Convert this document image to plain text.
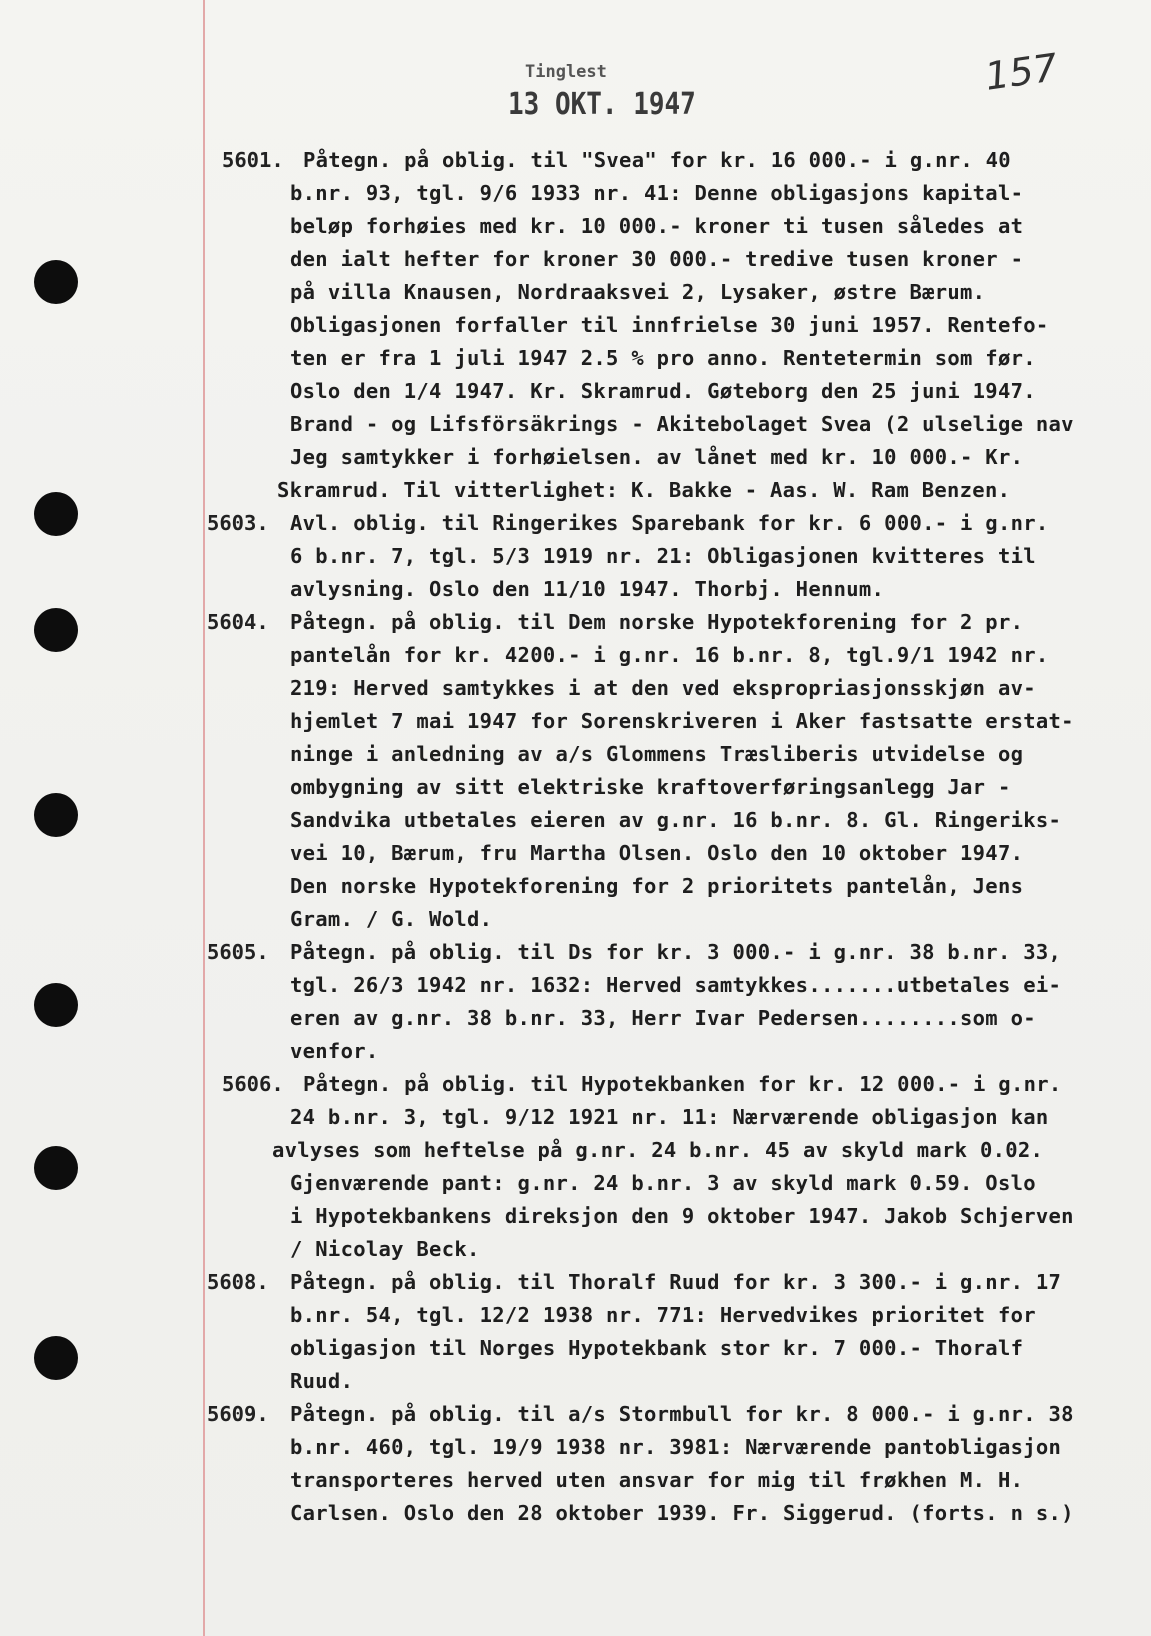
Tinglest
13 OKT. 1947
157
5601. Påtegn. på oblig. til "Svea" for kr. 16 000.- i g.nr. 40
b.nr. 93, tgl. 9/6 1933 nr. 41: Denne obligasjons kapital-
beløp forhøies med kr. 10 000.- kroner ti tusen således at
den ialt hefter for kroner 30 000.- tredive tusen kroner -
på villa Knausen, Nordraaksvei 2, Lysaker, østre Bærum.
Obligasjonen forfaller til innfrielse 30 juni 1957. Rentefo-
ten er fra 1 juli 1947 2.5 % pro anno. Rentetermin som før.
Oslo den 1/4 1947. Kr. Skramrud. Gøteborg den 25 juni 1947.
Brand - og Lifsförsäkrings - Akitebolaget Svea (2 ulselige nav
Jeg samtykker i forhøielsen. av lånet med kr. 10 000.- Kr.
Skramrud. Til vitterlighet: K. Bakke - Aas. W. Ram Benzen.
5603. Avl. oblig. til Ringerikes Sparebank for kr. 6 000.- i g.nr.
6 b.nr. 7, tgl. 5/3 1919 nr. 21: Obligasjonen kvitteres til
avlysning. Oslo den 11/10 1947. Thorbj. Hennum.
5604. Påtegn. på oblig. til Dem norske Hypotekforening for 2 pr.
pantelån for kr. 4200.- i g.nr. 16 b.nr. 8, tgl.9/1 1942 nr.
219: Herved samtykkes i at den ved ekspropriasjonsskjøn av-
hjemlet 7 mai 1947 for Sorenskriveren i Aker fastsatte erstat-
ninge i anledning av a/s Glommens Træsliberis utvidelse og
ombygning av sitt elektriske kraftoverføringsanlegg Jar -
Sandvika utbetales eieren av g.nr. 16 b.nr. 8. Gl. Ringeriks-
vei 10, Bærum, fru Martha Olsen. Oslo den 10 oktober 1947.
Den norske Hypotekforening for 2 prioritets pantelån, Jens
Gram. / G. Wold.
5605. Påtegn. på oblig. til Ds for kr. 3 000.- i g.nr. 38 b.nr. 33,
tgl. 26/3 1942 nr. 1632: Herved samtykkes.......utbetales ei-
eren av g.nr. 38 b.nr. 33, Herr Ivar Pedersen........som o-
venfor.
5606. Påtegn. på oblig. til Hypotekbanken for kr. 12 000.- i g.nr.
24 b.nr. 3, tgl. 9/12 1921 nr. 11: Nærværende obligasjon kan
avlyses som heftelse på g.nr. 24 b.nr. 45 av skyld mark 0.02.
Gjenværende pant: g.nr. 24 b.nr. 3 av skyld mark 0.59. Oslo
i Hypotekbankens direksjon den 9 oktober 1947. Jakob Schjerven
/ Nicolay Beck.
5608. Påtegn. på oblig. til Thoralf Ruud for kr. 3 300.- i g.nr. 17
b.nr. 54, tgl. 12/2 1938 nr. 771: Hervedvikes prioritet for
obligasjon til Norges Hypotekbank stor kr. 7 000.- Thoralf
Ruud.
5609. Påtegn. på oblig. til a/s Stormbull for kr. 8 000.- i g.nr. 38
b.nr. 460, tgl. 19/9 1938 nr. 3981: Nærværende pantobligasjon
transporteres herved uten ansvar for mig til frøkhen M. H.
Carlsen. Oslo den 28 oktober 1939. Fr. Siggerud. (forts. n s.)
